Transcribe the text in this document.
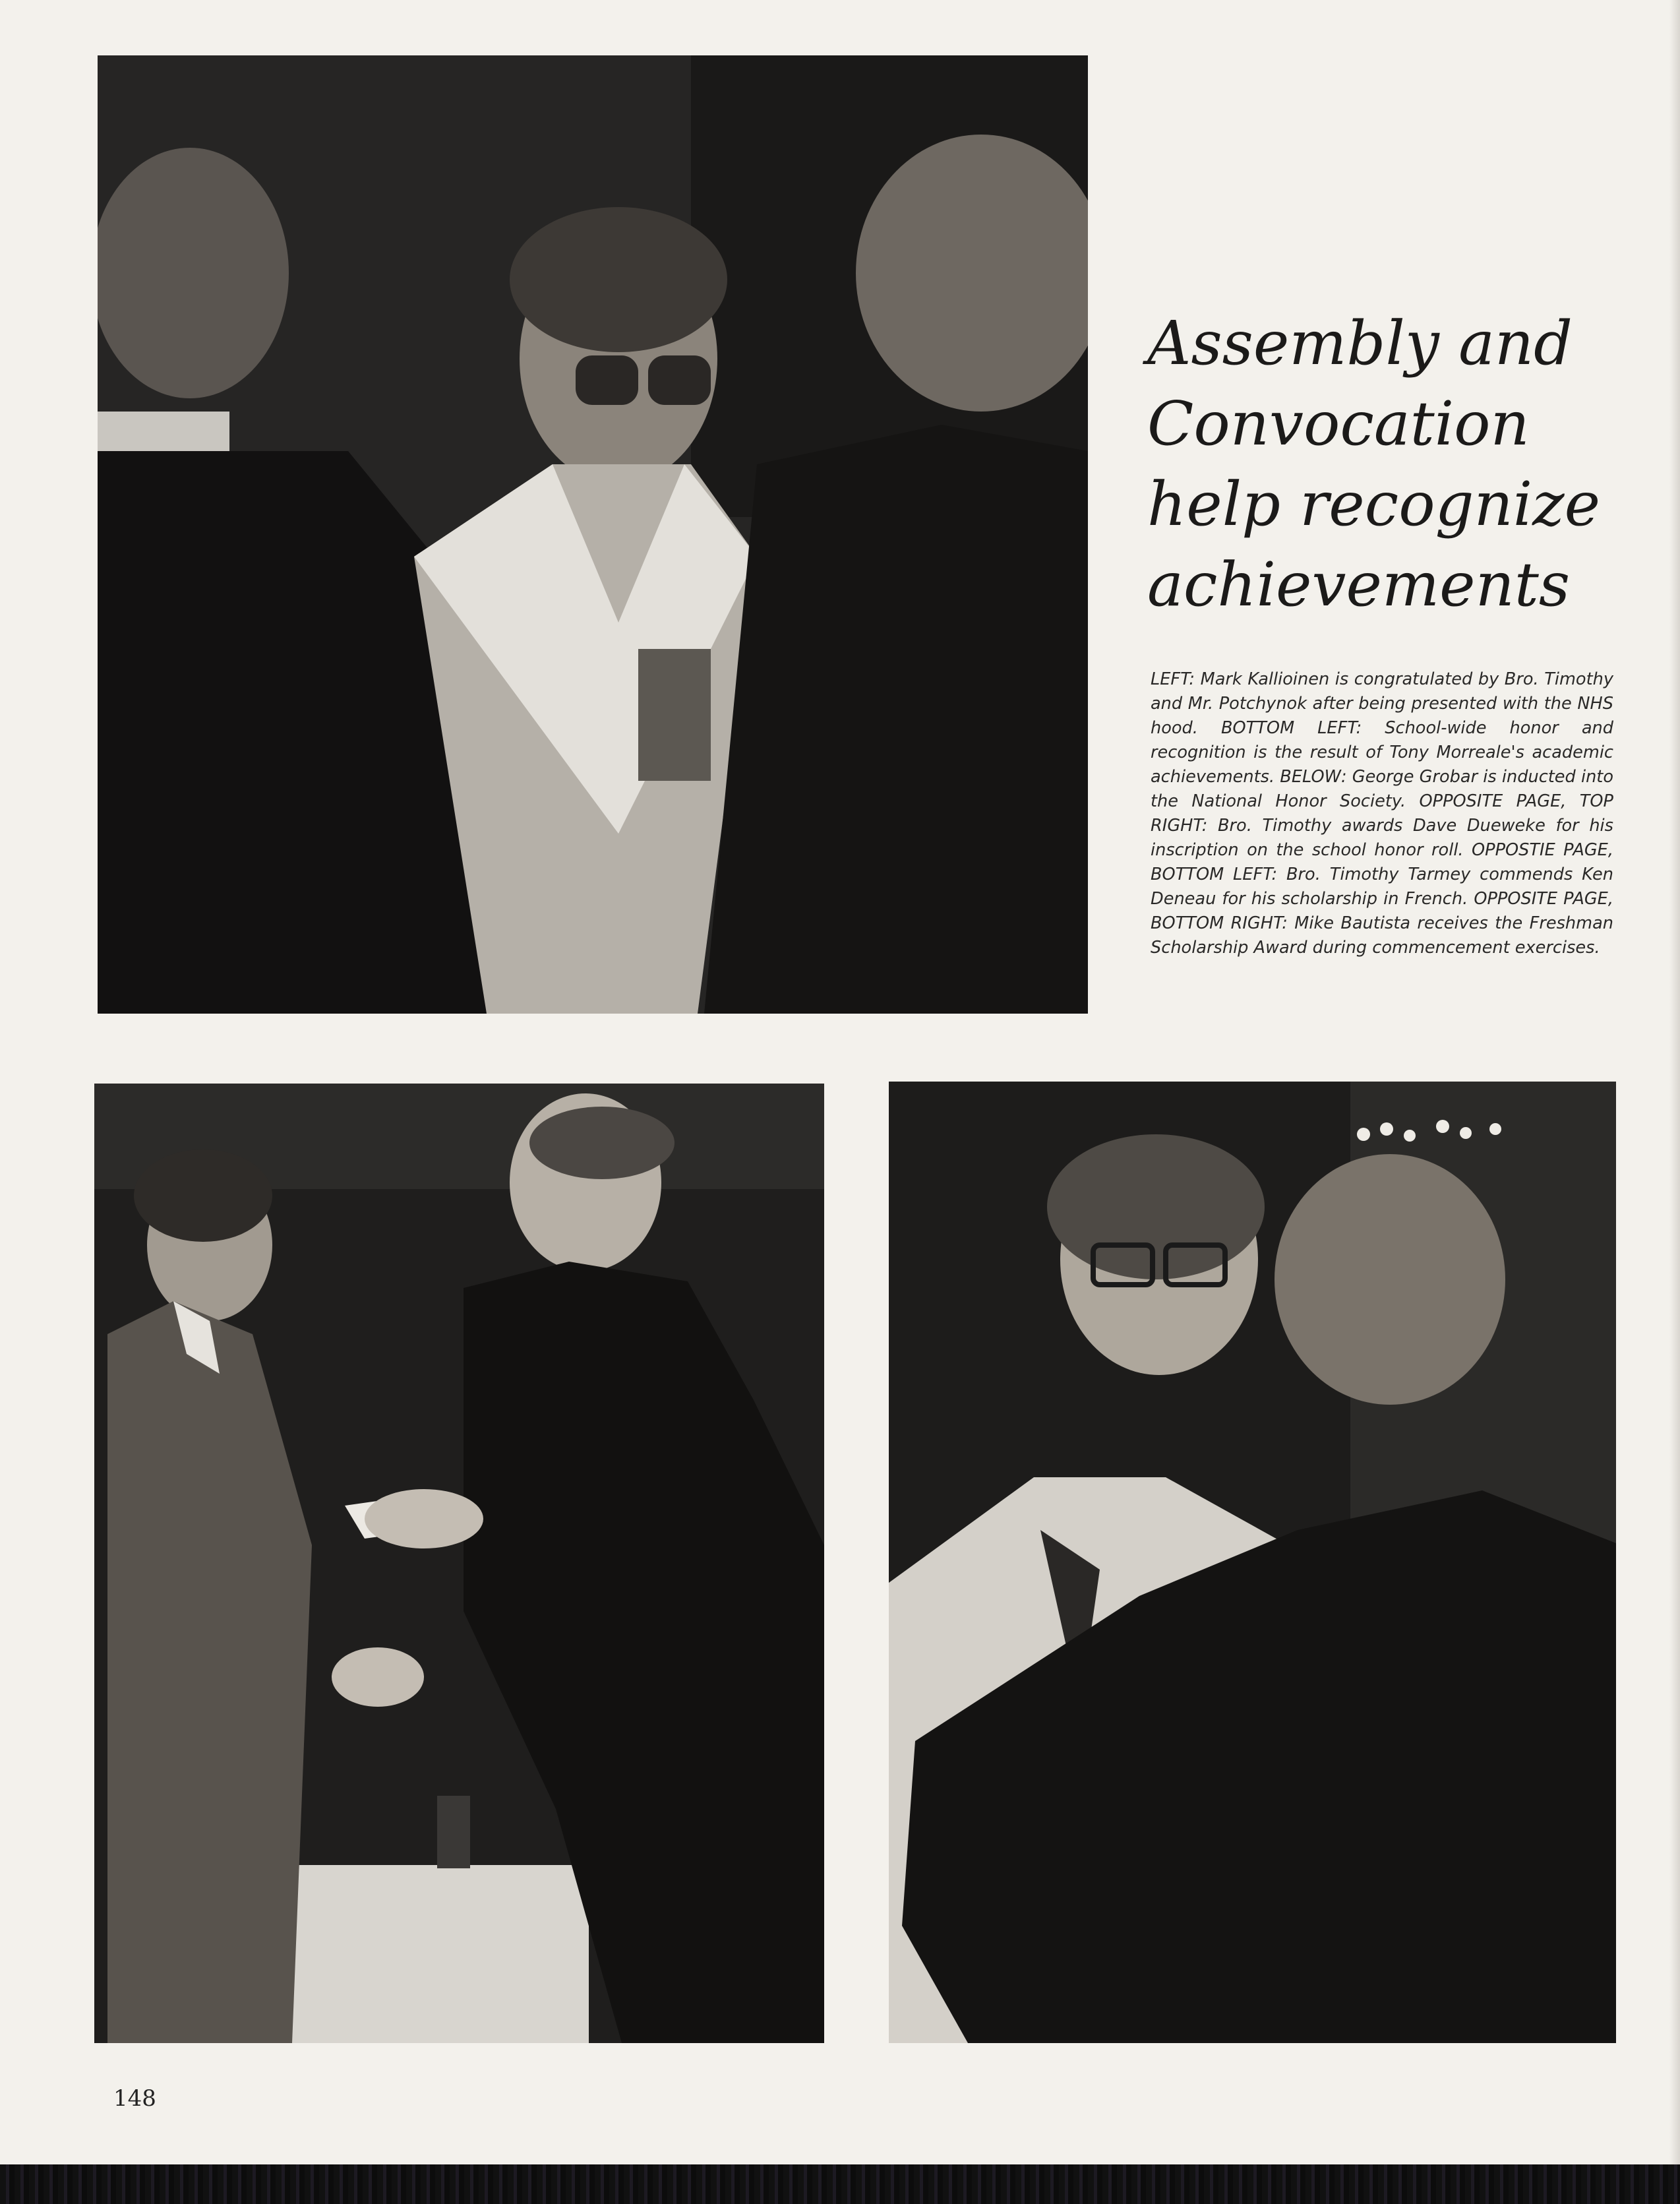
Assembly and
Convocation
help recognize
achievements

LEFT: Mark Kallioinen is congratulated by Bro. Timothy and Mr. Potchynok after being presented with the NHS hood. BOTTOM LEFT: School-wide honor and recognition is the result of Tony Morreale's academic achievements. BELOW: George Grobar is inducted into the National Honor Society. OPPOSITE PAGE, TOP RIGHT: Bro. Timothy awards Dave Dueweke for his inscription on the school honor roll. OPPOSTIE PAGE, BOTTOM LEFT: Bro. Timothy Tarmey commends Ken Deneau for his scholarship in French. OPPOSITE PAGE, BOTTOM RIGHT: Mike Bautista receives the Freshman Scholarship Award during commencement exercises.

148
